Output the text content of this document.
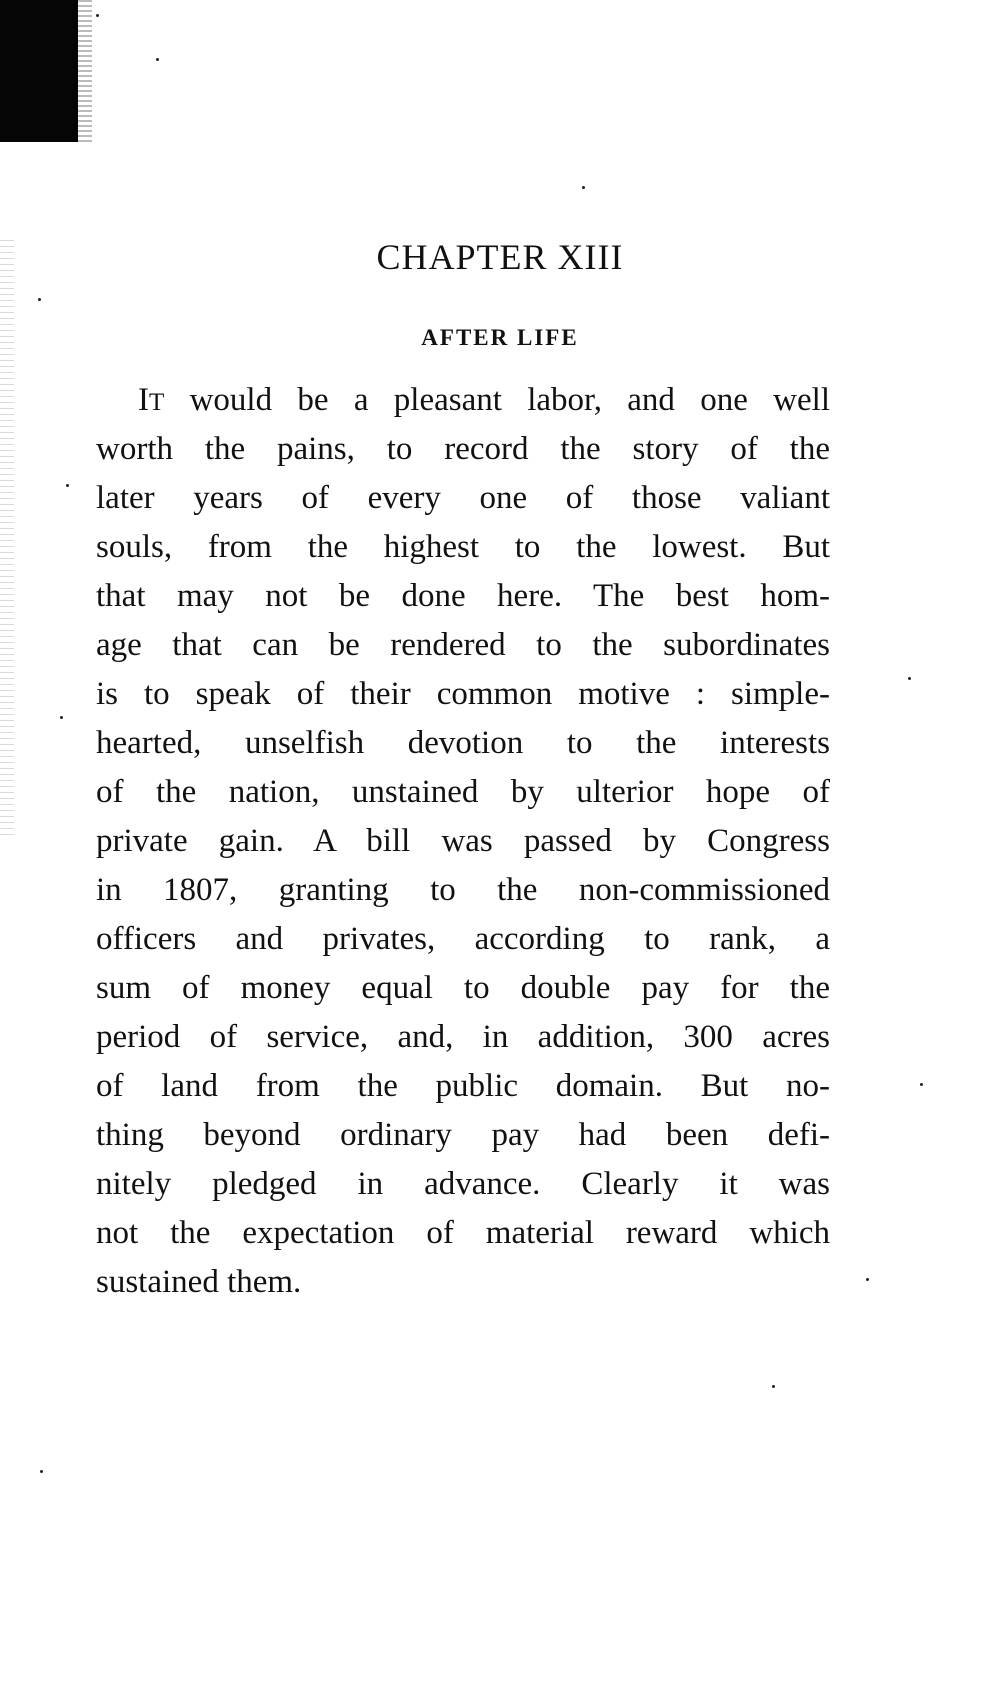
CHAPTER XIII
AFTER LIFE
IT would be a pleasant labor, and one well
worth the pains, to record the story of the
later years of every one of those valiant
souls, from the highest to the lowest. But
that may not be done here. The best hom-
age that can be rendered to the subordinates
is to speak of their common motive : simple-
hearted, unselfish devotion to the interests
of the nation, unstained by ulterior hope of
private gain. A bill was passed by Congress
in 1807, granting to the non-commissioned
officers and privates, according to rank, a
sum of money equal to double pay for the
period of service, and, in addition, 300 acres
of land from the public domain. But no-
thing beyond ordinary pay had been defi-
nitely pledged in advance. Clearly it was
not the expectation of material reward which
sustained them.
